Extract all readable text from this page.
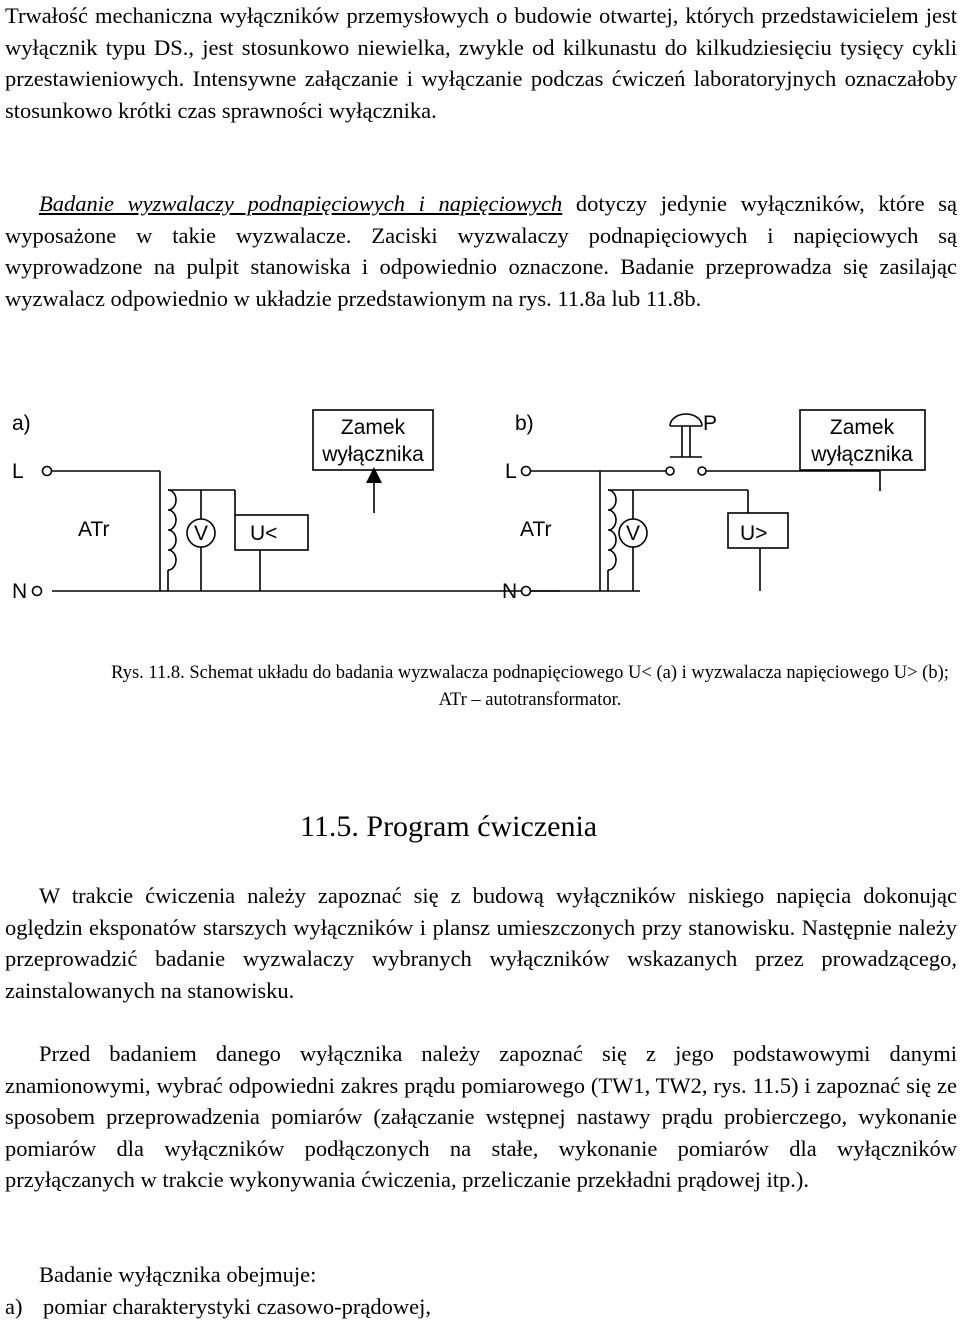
Trwałość mechaniczna wyłączników przemysłowych o budowie otwartej, których przedstawicielem jest wyłącznik typu DS., jest stosunkowo niewielka, zwykle od kilkunastu do kilkudziesięciu tysięcy cykli przestawieniowych. Intensywne załączanie i wyłączanie podczas ćwiczeń laboratoryjnych oznaczałoby stosunkowo krótki czas sprawności wyłącznika.

Badanie wyzwalaczy podnapięciowych i napięciowych dotyczy jedynie wyłączników, które są wyposażone w takie wyzwalacze. Zaciski wyzwalaczy podnapięciowych i napięciowych są wyprowadzone na pulpit stanowiska i odpowiednio oznaczone. Badanie przeprowadza się zasilając wyzwalacz odpowiednio w układzie przedstawionym na rys. 11.8a lub 11.8b.

a)
L
N
ATr	V U<
Zamek
wyłącznika
b)
L
N
ATr	V	U>
P	Zamek
wyłącznika

Rys. 11.8. Schemat układu do badania wyzwalacza podnapięciowego U< (a) i wyzwalacza napięciowego U> (b); ATr – autotransformator.

11.5. Program ćwiczenia

W trakcie ćwiczenia należy zapoznać się z budową wyłączników niskiego napięcia dokonując oględzin eksponatów starszych wyłączników i plansz umieszczonych przy stanowisku. Następnie należy przeprowadzić badanie wyzwalaczy wybranych wyłączników wskazanych przez prowadzącego, zainstalowanych na stanowisku.

Przed badaniem danego wyłącznika należy zapoznać się z jego podstawowymi danymi znamionowymi, wybrać odpowiedni zakres prądu pomiarowego (TW1, TW2, rys. 11.5) i zapoznać się ze sposobem przeprowadzenia pomiarów (załączanie wstępnej nastawy prądu probierczego, wykonanie pomiarów dla wyłączników podłączonych na stałe, wykonanie pomiarów dla wyłączników przyłączanych w trakcie wykonywania ćwiczenia, przeliczanie przekładni prądowej itp.).

Badanie wyłącznika obejmuje:

a) pomiar charakterystyki czasowo-prądowej,
